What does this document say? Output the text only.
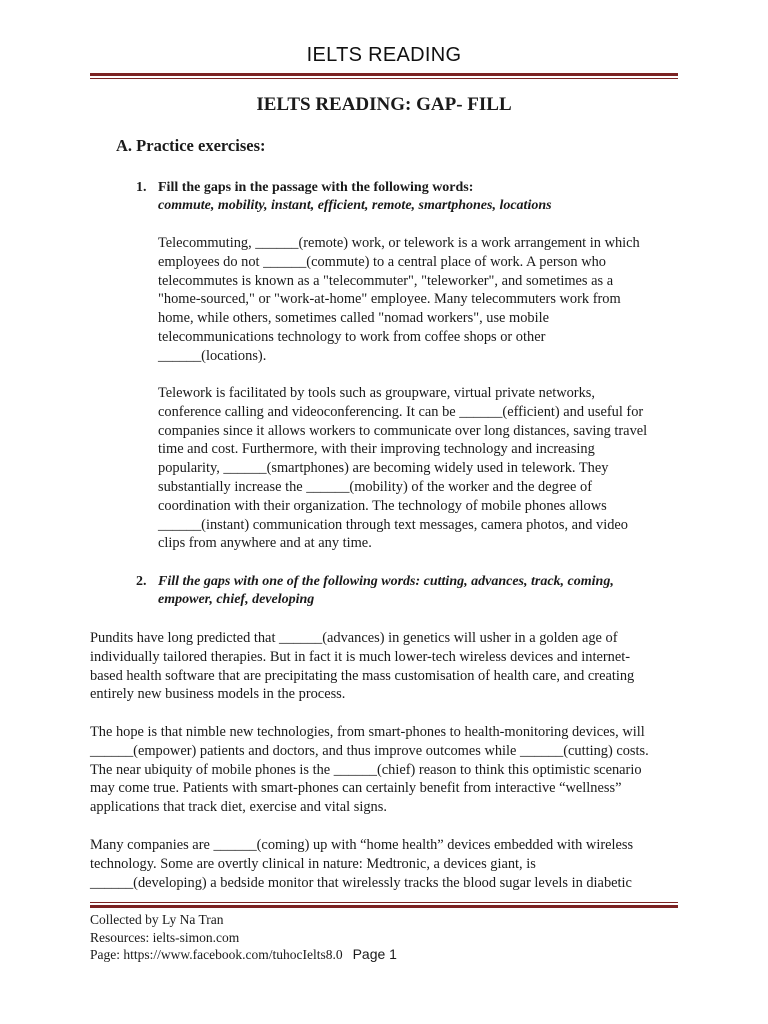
IELTS READING
IELTS READING: GAP- FILL
A. Practice exercises:
1. Fill the gaps in the passage with the following words:
commute, mobility, instant, efficient, remote, smartphones, locations

Telecommuting, ______(remote) work, or telework is a work arrangement in which
employees do not ______(commute) to a central place of work. A person who
telecommutes is known as a "telecommuter", "teleworker", and sometimes as a
"home-sourced," or "work-at-home" employee. Many telecommuters work from
home, while others, sometimes called "nomad workers", use mobile
telecommunications technology to work from coffee shops or other
______(locations).

Telework is facilitated by tools such as groupware, virtual private networks,
conference calling and videoconferencing. It can be ______(efficient) and useful for
companies since it allows workers to communicate over long distances, saving travel
time and cost. Furthermore, with their improving technology and increasing
popularity, ______(smartphones) are becoming widely used in telework. They
substantially increase the ______(mobility) of the worker and the degree of
coordination with their organization. The technology of mobile phones allows
______(instant) communication through text messages, camera photos, and video
clips from anywhere and at any time.

2. Fill the gaps with one of the following words: cutting, advances, track, coming,
empower, chief, developing

Pundits have long predicted that ______(advances) in genetics will usher in a golden age of
individually tailored therapies. But in fact it is much lower-tech wireless devices and internet-
based health software that are precipitating the mass customisation of health care, and creating
entirely new business models in the process.

The hope is that nimble new technologies, from smart-phones to health-monitoring devices, will
______(empower) patients and doctors, and thus improve outcomes while ______(cutting) costs.
The near ubiquity of mobile phones is the ______(chief) reason to think this optimistic scenario
may come true. Patients with smart-phones can certainly benefit from interactive “wellness”
applications that track diet, exercise and vital signs.

Many companies are ______(coming) up with “home health” devices embedded with wireless
technology. Some are overtly clinical in nature: Medtronic, a devices giant, is
______(developing) a bedside monitor that wirelessly tracks the blood sugar levels in diabetic

Collected by Ly Na Tran
Resources: ielts-simon.com
Page: https://www.facebook.com/tuhocIelts8.0 Page 1
